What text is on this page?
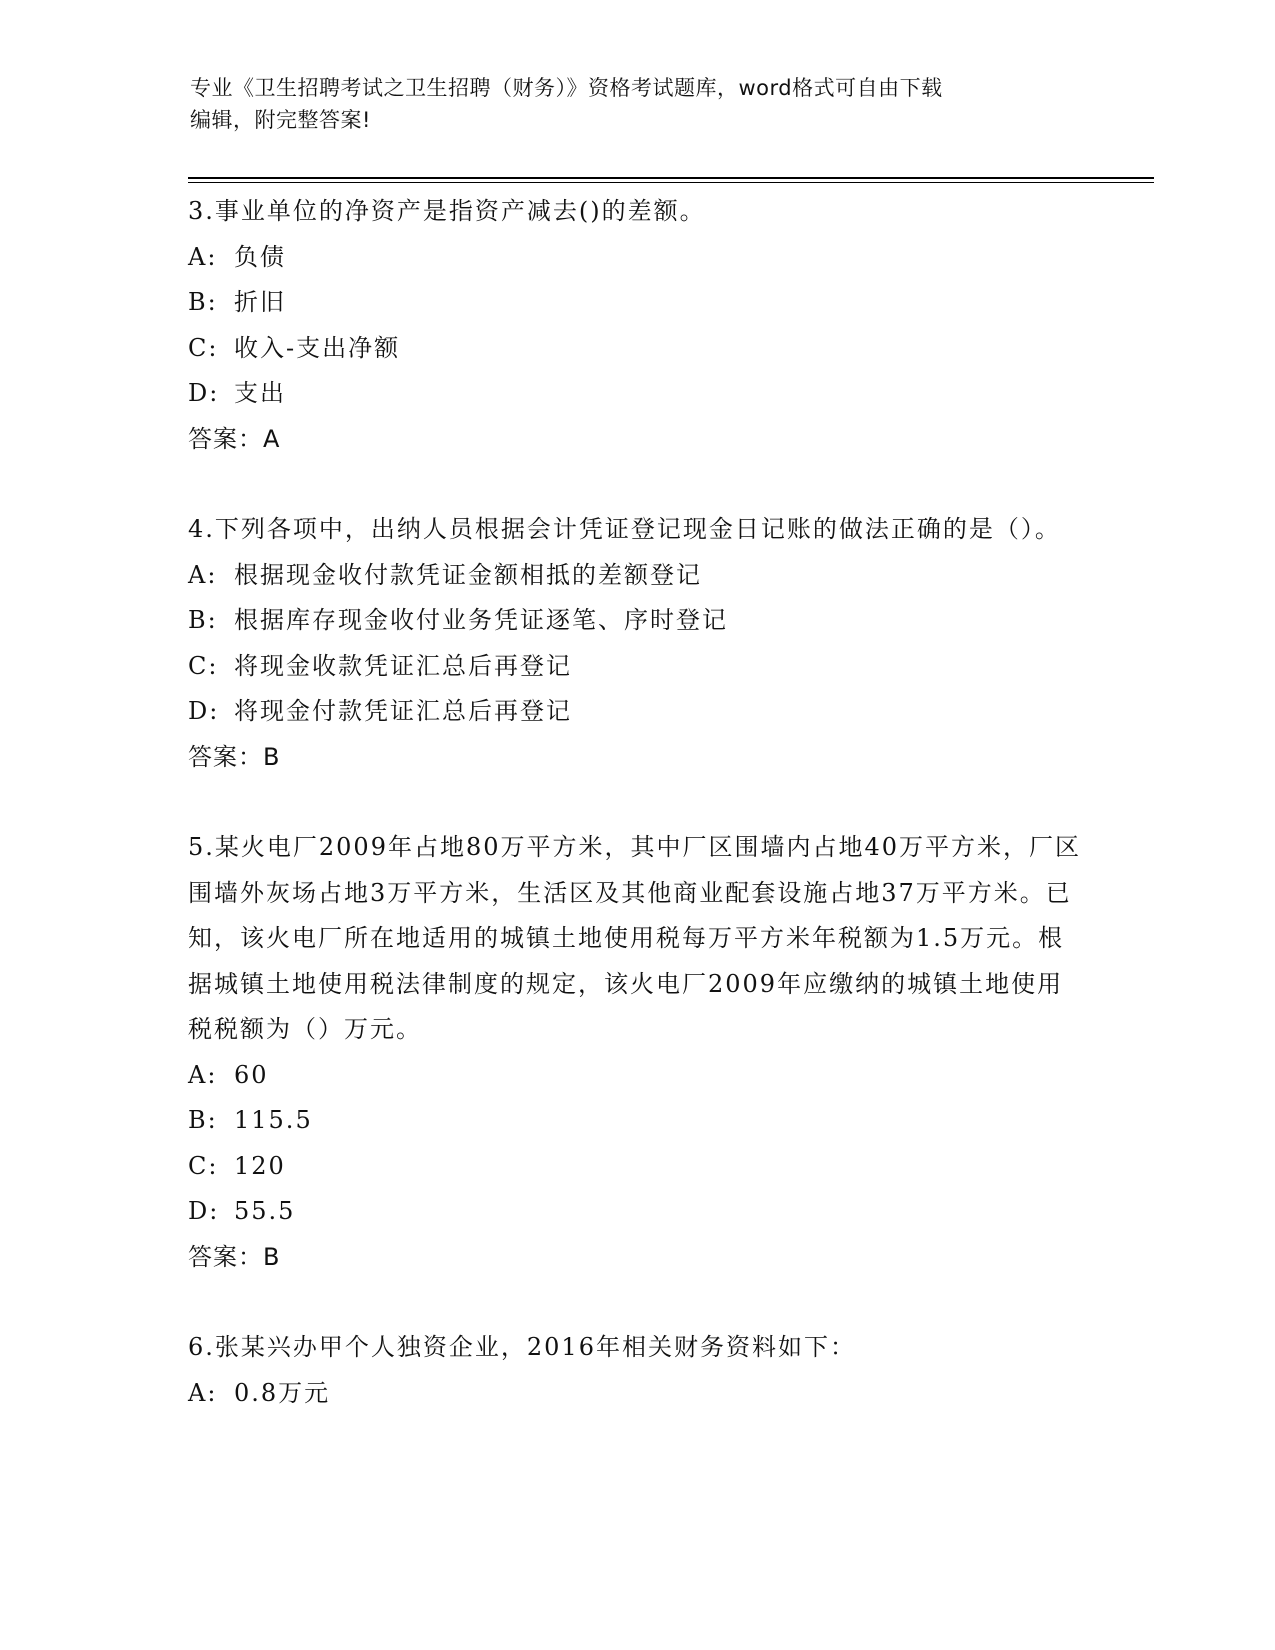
专业《卫生招聘考试之卫生招聘（财务）》资格考试题库，word格式可自由下载
编辑，附完整答案!
3.事业单位的净资产是指资产减去()的差额。
A: 负债
B: 折旧
C: 收入-支出净额
D: 支出
答案：A
4.下列各项中，出纳人员根据会计凭证登记现金日记账的做法正确的是（）。
A: 根据现金收付款凭证金额相抵的差额登记
B: 根据库存现金收付业务凭证逐笔、序时登记
C: 将现金收款凭证汇总后再登记
D: 将现金付款凭证汇总后再登记
答案：B
5.某火电厂2009年占地80万平方米，其中厂区围墙内占地40万平方米，厂区围墙外灰场占地3万平方米，生活区及其他商业配套设施占地37万平方米。已知，该火电厂所在地适用的城镇土地使用税每万平方米年税额为1.5万元。根据城镇土地使用税法律制度的规定，该火电厂2009年应缴纳的城镇土地使用税税额为（）万元。
A: 60
B: 115.5
C: 120
D: 55.5
答案：B
6.张某兴办甲个人独资企业，2016年相关财务资料如下：
A: 0.8万元
